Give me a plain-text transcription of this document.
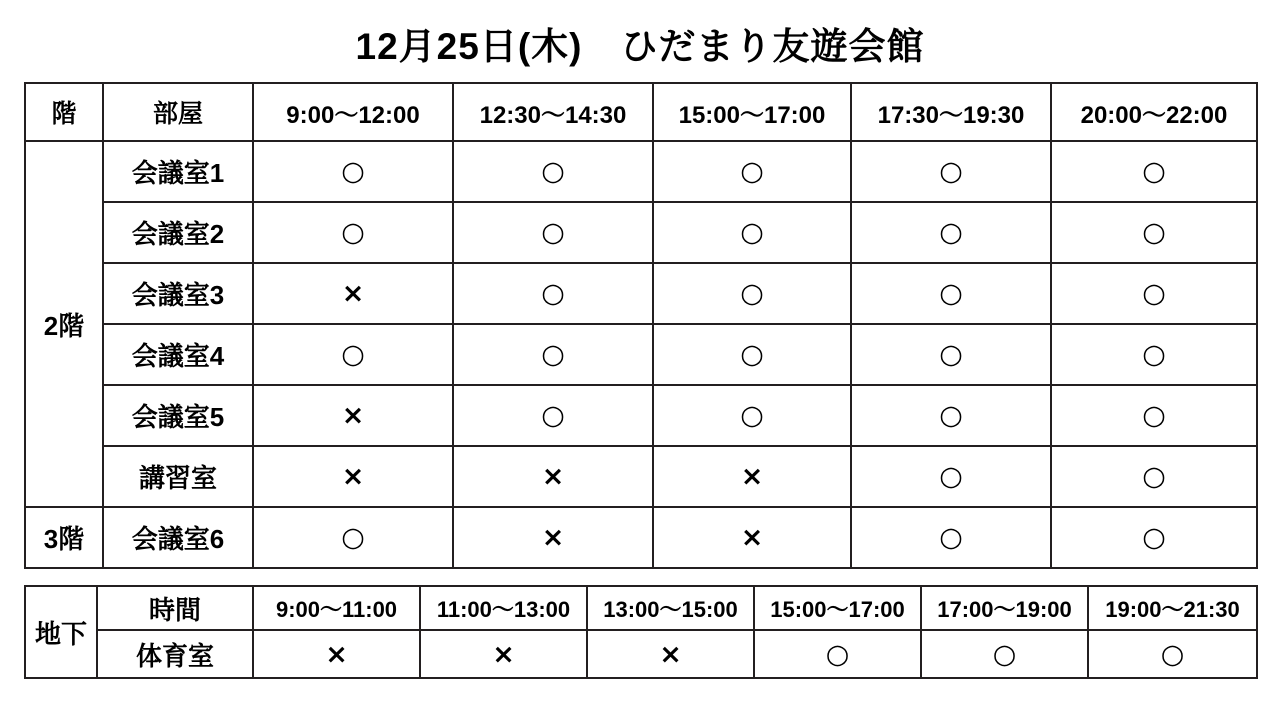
12月25日(木)　ひだまり友遊会館
階	部屋	9:00〜12:00	12:30〜14:30	15:00〜17:00	17:30〜19:30	20:00〜22:00
2階	会議室1	○	○	○	○	○
	会議室2	○	○	○	○	○
	会議室3	×	○	○	○	○
	会議室4	○	○	○	○	○
	会議室5	×	○	○	○	○
	講習室	×	×	×	○	○
3階	会議室6	○	×	×	○	○
地下	時間	9:00〜11:00	11:00〜13:00	13:00〜15:00	15:00〜17:00	17:00〜19:00	19:00〜21:30
	体育室	×	×	×	○	○	○
